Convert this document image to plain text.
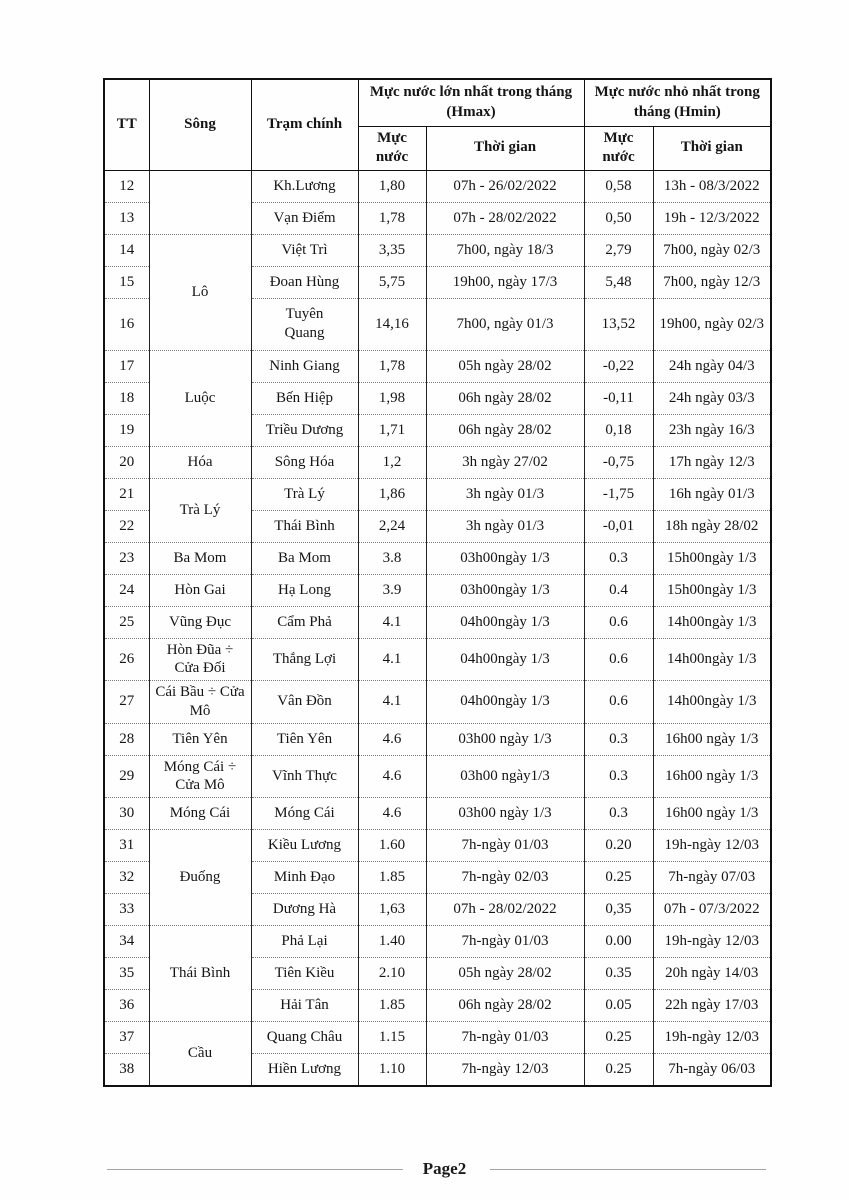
TT	Sông	Trạm chính	Mực nước lớn nhất trong tháng (Hmax)		Mực nước nhỏ nhất trong tháng (Hmin)	
			Mực nước	Thời gian	Mực nước	Thời gian
12		Kh.Lương	1,80	07h - 26/02/2022	0,58	13h - 08/3/2022
13		Vạn Điểm	1,78	07h - 28/02/2022	0,50	19h - 12/3/2022
14	Lô	Việt Trì	3,35	7h00, ngày 18/3	2,79	7h00, ngày 02/3
15		Đoan Hùng	5,75	19h00, ngày 17/3	5,48	7h00, ngày 12/3
16		Tuyên Quang	14,16	7h00, ngày 01/3	13,52	19h00, ngày 02/3
17	Luộc	Ninh Giang	1,78	05h ngày 28/02	-0,22	24h ngày 04/3
18		Bến Hiệp	1,98	06h ngày 28/02	-0,11	24h ngày 03/3
19		Triều Dương	1,71	06h ngày 28/02	0,18	23h ngày 16/3
20	Hóa	Sông Hóa	1,2	3h ngày 27/02	-0,75	17h ngày 12/3
21	Trà Lý	Trà Lý	1,86	3h ngày 01/3	-1,75	16h ngày 01/3
22		Thái Bình	2,24	3h ngày 01/3	-0,01	18h ngày 28/02
23	Ba Mom	Ba Mom	3.8	03h00ngày 1/3	0.3	15h00ngày 1/3
24	Hòn Gai	Hạ Long	3.9	03h00ngày 1/3	0.4	15h00ngày 1/3
25	Vũng Đục	Cẩm Phả	4.1	04h00ngày 1/3	0.6	14h00ngày 1/3
26	Hòn Đũa ÷ Cửa Đối	Thắng Lợi	4.1	04h00ngày 1/3	0.6	14h00ngày 1/3
27	Cái Bầu ÷ Cửa Mô	Vân Đồn	4.1	04h00ngày 1/3	0.6	14h00ngày 1/3
28	Tiên Yên	Tiên Yên	4.6	03h00 ngày 1/3	0.3	16h00 ngày 1/3
29	Móng Cái ÷ Cửa Mô	Vĩnh Thực	4.6	03h00 ngày1/3	0.3	16h00 ngày 1/3
30	Móng Cái	Móng Cái	4.6	03h00 ngày 1/3	0.3	16h00 ngày 1/3
31	Đuống	Kiều Lương	1.60	7h-ngày 01/03	0.20	19h-ngày 12/03
32		Minh Đạo	1.85	7h-ngày 02/03	0.25	7h-ngày 07/03
33		Dương Hà	1,63	07h - 28/02/2022	0,35	07h - 07/3/2022
34	Thái Bình	Phả Lại	1.40	7h-ngày 01/03	0.00	19h-ngày 12/03
35		Tiên Kiều	2.10	05h ngày 28/02	0.35	20h ngày 14/03
36		Hải Tân	1.85	06h ngày 28/02	0.05	22h ngày 17/03
37	Cầu	Quang Châu	1.15	7h-ngày 01/03	0.25	19h-ngày 12/03
38		Hiền Lương	1.10	7h-ngày 12/03	0.25	7h-ngày 06/03
Page2
